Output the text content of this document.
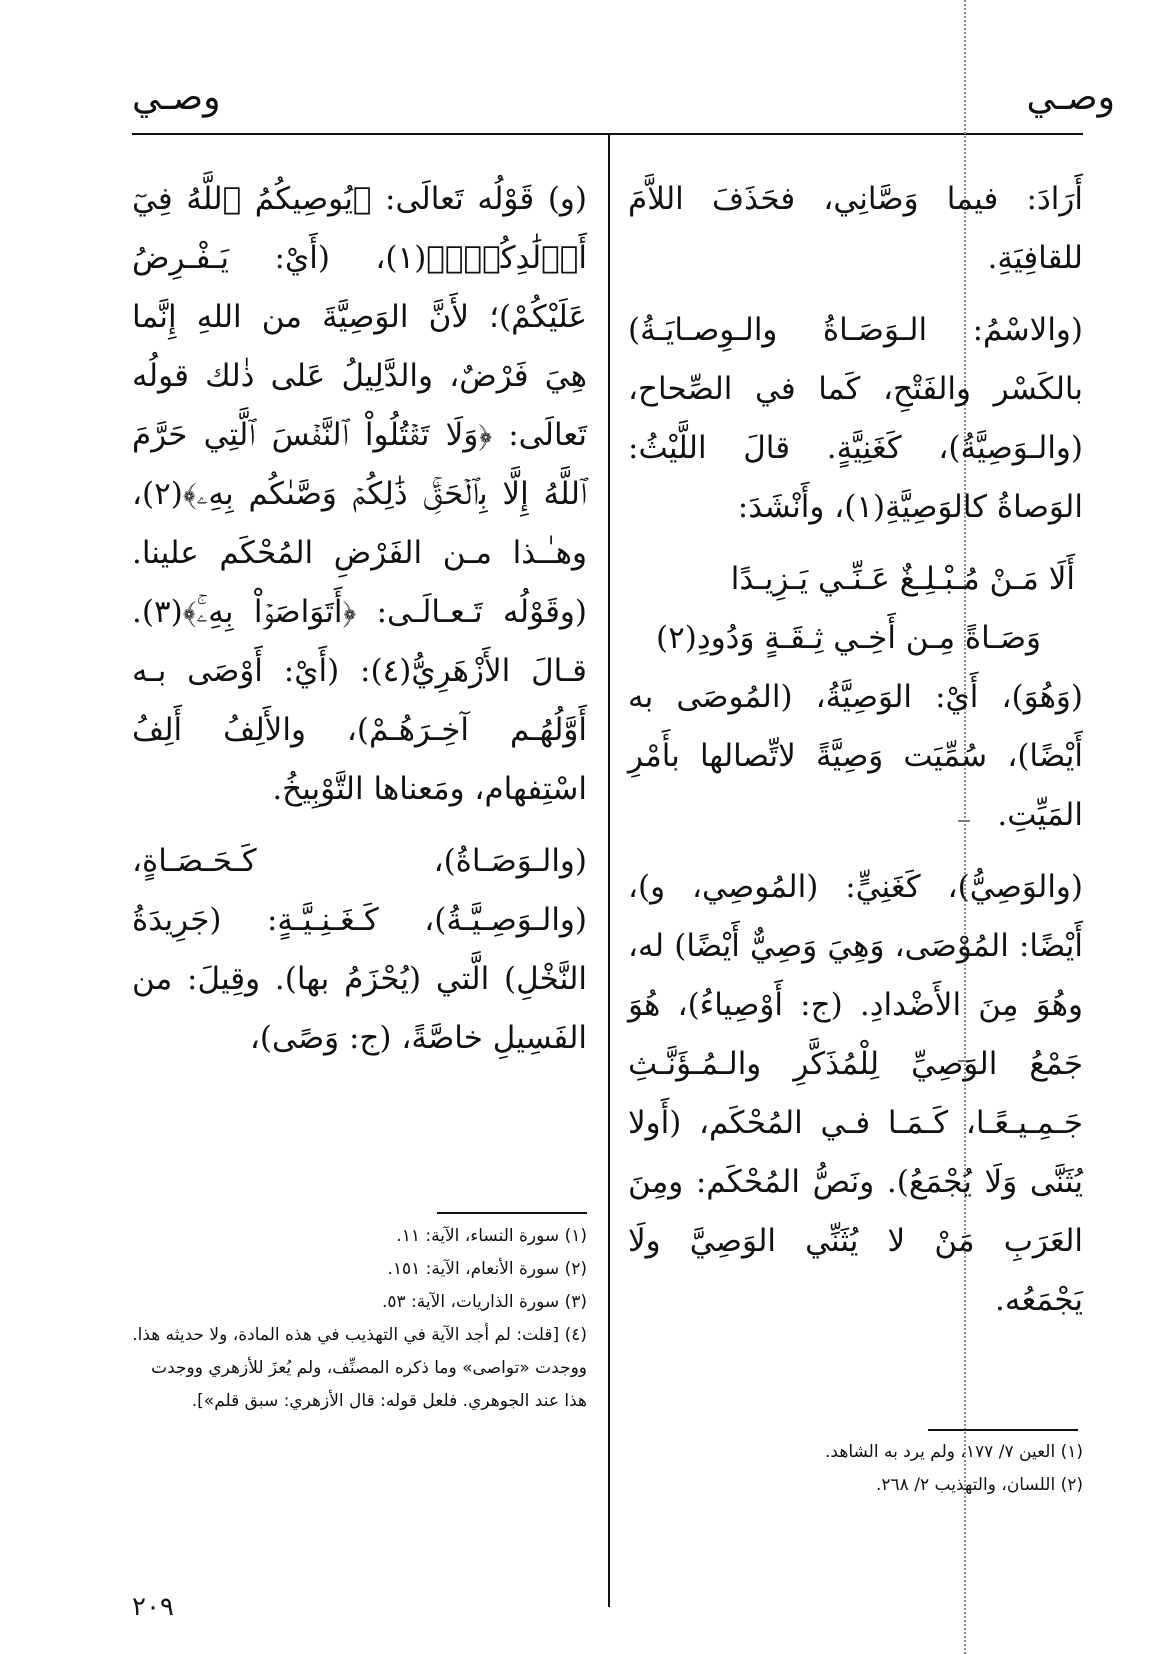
وصـي
وصـي

أَرَادَ: فيما وَصَّانِي، فحَذَفَ اللاَّمَ للقافِيَةِ.

(والاسْمُ: الـوَصَـاةُ والـوِصـايَـةُ) بالكَسْر والفَتْحِ، كَما في الصِّحاح، (والـوَصِيَّةُ)، كَغَنِيَّةٍ. قالَ اللَّيْثُ: الوَصاةُ كالوَصِيَّةِ(١)، وأَنْشَدَ:

أَلَا مَـنْ مُـبْـلِـغٌ عَـنِّـي يَـزِيـدًا

وَصَـاةً مِـن أَخِـي ثِـقَـةٍ وَدُودِ(٢)

(وَهُوَ)، أَيْ: الوَصِيَّةُ، (المُوصَى به أَيْضًا)، سُمِّيَت وَصِيَّةً لاتِّصالها بأَمْرِ المَيِّتِ.

(والوَصِيُّ)، كَغَنِيٍّ: (المُوصِي، و)، أَيْضًا: المُوْصَى، وَهِيَ وَصِيٌّ أَيْضًا) له، وهُوَ مِنَ الأَضْدادِ. (ج: أَوْصِياءُ)، هُوَ جَمْعُ الوَصِيِّ لِلْمُذَكَّرِ والـمُـؤَنَّـثِ جَـمِـيـعًـا، كَـمَـا فـي المُحْكَم، (أَولا يُثَنَّى وَلَا يُجْمَعُ). ونَصُّ المُحْكَم: ومِنَ العَرَبِ مَنْ لا يُثَنِّي الوَصِيَّ ولَا يَجْمَعُه.

(١) العين ٧/ ١٧٧، ولم يرد به الشاهد.

(٢) اللسان، والتهذيب ٢/ ٢٦٨.

(و) قَوْلُه تَعالَى: ﴿يُوصِيكُمُ ٱللَّهُ فِيٓ أَوۡلَٰدِكُمۡۖ﴾(١)، (أَيْ: يَـفْـرِضُ عَلَيْكُمْ)؛ لأَنَّ الوَصِيَّةَ من اللهِ إِنَّما هِيَ فَرْضٌ، والدَّلِيلُ عَلى ذٰلك قولُه تَعالَى: ﴿وَلَا تَقۡتُلُواْ ٱلنَّفۡسَ ٱلَّتِي حَرَّمَ ٱللَّهُ إِلَّا بِٱلۡحَقِّۚ ذَٰلِكُمۡ وَصَّىٰكُم بِهِۦ﴾(٢)، وهـٰـذا مـن الفَرْضِ المُحْكَم علينا. (وقَوْلُه تَـعـالَـى: ﴿أَتَوَاصَوۡاْ بِهِۦۚ﴾(٣). قـالَ الأَزْهَرِيُّ(٤): (أَيْ: أَوْصَى بـه أَوَّلُهُـم آخِـرَهُـمْ)، والأَلِفُ أَلِفُ اسْتِفهام، ومَعناها التَّوْبِيخُ.

(والـوَصَـاةُ)، كَـحَـصَـاةٍ، (والـوَصِـيَّـةُ)، كَـغَـنِـيَّـةٍ: (جَرِيدَةُ النَّخْلِ) الَّتي (يُحْزَمُ بها). وقِيلَ: من الفَسِيلِ خاصَّةً، (ج: وَصًى)،

(١) سورة النساء، الآية: ١١.

(٢) سورة الأنعام، الآية: ١٥١.

(٣) سورة الذاريات، الآية: ٥٣.

(٤) [قلت: لم أجد الآية في التهذيب في هذه المادة، ولا حديثه هذا. ووجدت «تواصى» وما ذكره المصنِّف، ولم يُعزَ للأزهري ووجدت هذا عند الجوهري. فلعل قوله: قال الأزهري: سبق قلم»].

٢٠٩
